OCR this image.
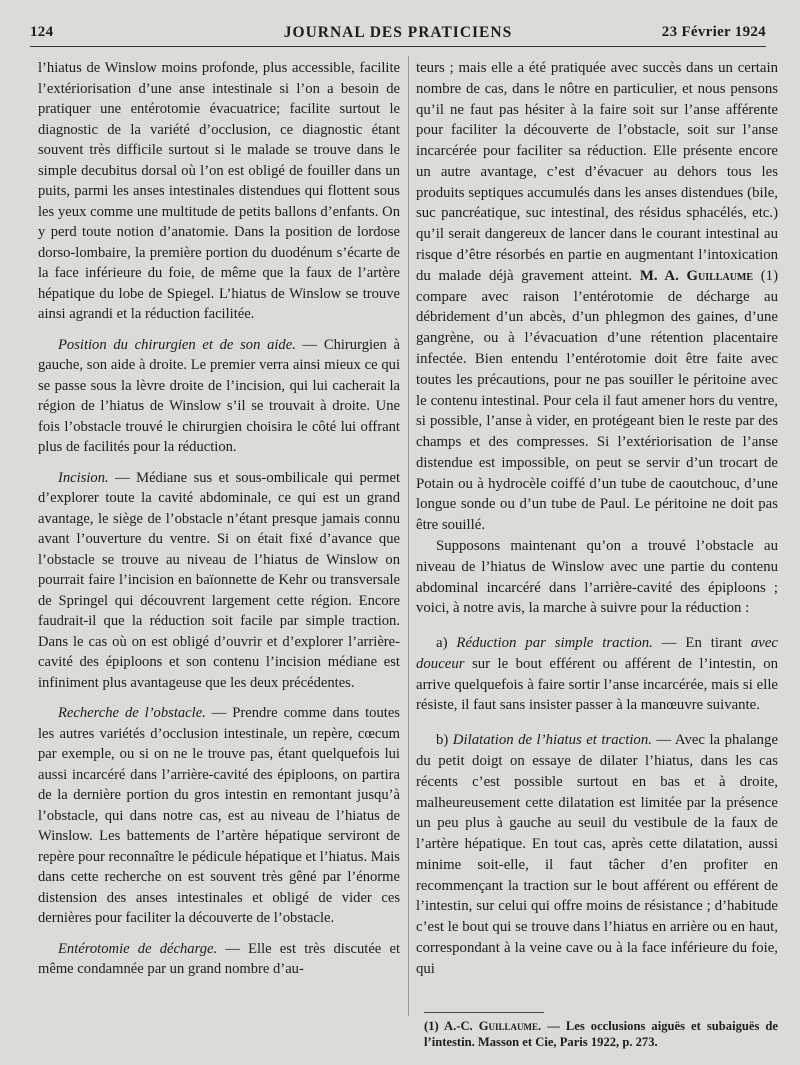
124	JOURNAL DES PRATICIENS	23 Février 1924

l’hiatus de Winslow moins profonde, plus accessible, facilite l’extériorisation d’une anse intestinale si l’on a besoin de pratiquer une entérotomie évacuatrice; facilite surtout le diagnostic de la variété d’occlusion, ce diagnostic étant souvent très difficile surtout si le malade se trouve dans le simple decubitus dorsal où l’on est obligé de fouiller dans un puits, parmi les anses intestinales distendues qui flottent sous les yeux comme une multitude de petits ballons d’enfants. On y perd toute notion d’anatomie. Dans la position de lordose dorso-lombaire, la première portion du duodénum s’écarte de la face inférieure du foie, de même que la faux de l’artère hépatique du lobe de Spiegel. L’hiatus de Winslow se trouve ainsi agrandi et la réduction facilitée.

Position du chirurgien et de son aide. — Chirurgien à gauche, son aide à droite. Le premier verra ainsi mieux ce qui se passe sous la lèvre droite de l’incision, qui lui cacherait la région de l’hiatus de Winslow s’il se trouvait à droite. Une fois l’obstacle trouvé le chirurgien choisira le côté lui offrant plus de facilités pour la réduction.

Incision. — Médiane sus et sous-ombilicale qui permet d’explorer toute la cavité abdominale, ce qui est un grand avantage, le siège de l’obstacle n’étant presque jamais connu avant l’ouverture du ventre. Si on était fixé d’avance que l’obstacle se trouve au niveau de l’hiatus de Winslow on pourrait faire l’incision en baïonnette de Kehr ou transversale de Springel qui découvrent largement cette région. Encore faudrait-il que la réduction soit facile par simple traction. Dans le cas où on est obligé d’ouvrir et d’explorer l’arrière-cavité des épiploons et son contenu l’incision médiane est infiniment plus avantageuse que les deux précédentes.

Recherche de l’obstacle. — Prendre comme dans toutes les autres variétés d’occlusion intestinale, un repère, cœcum par exemple, ou si on ne le trouve pas, étant quelquefois lui aussi incarcéré dans l’arrière-cavité des épiploons, on partira de la dernière portion du gros intestin en remontant jusqu’à l’obstacle, qui dans notre cas, est au niveau de l’hiatus de Winslow. Les battements de l’artère hépatique serviront de repère pour reconnaître le pédicule hépatique et l’hiatus. Mais dans cette recherche on est souvent très gêné par l’énorme distension des anses intestinales et obligé de vider ces dernières pour faciliter la découverte de l’obstacle.

Entérotomie de décharge. — Elle est très discutée et même condamnée par un grand nombre d’au-

teurs ; mais elle a été pratiquée avec succès dans un certain nombre de cas, dans le nôtre en particulier, et nous pensons qu’il ne faut pas hésiter à la faire soit sur l’anse afférente pour faciliter la découverte de l’obstacle, soit sur l’anse incarcérée pour faciliter sa réduction. Elle présente encore un autre avantage, c’est d’évacuer au dehors tous les produits septiques accumulés dans les anses distendues (bile, suc pancréatique, suc intestinal, des résidus sphacélés, etc.) qu’il serait dangereux de lancer dans le courant intestinal au risque d’être résorbés en partie en augmentant l’intoxication du malade déjà gravement atteint. M. A. Guillaume (1) compare avec raison l’entérotomie de décharge au débridement d’un abcès, d’un phlegmon des gaines, d’une gangrène, ou à l’évacuation d’une rétention placentaire infectée. Bien entendu l’entérotomie doit être faite avec toutes les précautions, pour ne pas souiller le péritoine avec le contenu intestinal. Pour cela il faut amener hors du ventre, si possible, l’anse à vider, en protégeant bien le reste par des champs et des compresses. Si l’extériorisation de l’anse distendue est impossible, on peut se servir d’un trocart de Potain ou à hydrocèle coiffé d’un tube de caoutchouc, d’une longue sonde ou d’un tube de Paul. Le péritoine ne doit pas être souillé.

Supposons maintenant qu’on a trouvé l’obstacle au niveau de l’hiatus de Winslow avec une partie du contenu abdominal incarcéré dans l’arrière-cavité des épiploons ; voici, à notre avis, la marche à suivre pour la réduction :

a) Réduction par simple traction. — En tirant avec douceur sur le bout efférent ou afférent de l’intestin, on arrive quelquefois à faire sortir l’anse incarcérée, mais si elle résiste, il faut sans insister passer à la manœuvre suivante.

b) Dilatation de l’hiatus et traction. — Avec la phalange du petit doigt on essaye de dilater l’hiatus, dans les cas récents c’est possible surtout en bas et à droite, malheureusement cette dilatation est limitée par la présence un peu plus à gauche au seuil du vestibule de la faux de l’artère hépatique. En tout cas, après cette dilatation, aussi minime soit-elle, il faut tâcher d’en profiter en recommençant la traction sur le bout afférent ou efférent de l’intestin, sur celui qui offre moins de résistance ; d’habitude c’est le bout qui se trouve dans l’hiatus en arrière ou en haut, correspondant à la veine cave ou à la face inférieure du foie, qui

(1) A.-C. Guillaume. — Les occlusions aiguës et subaiguës de l’intestin. Masson et Cie, Paris 1922, p. 273.
